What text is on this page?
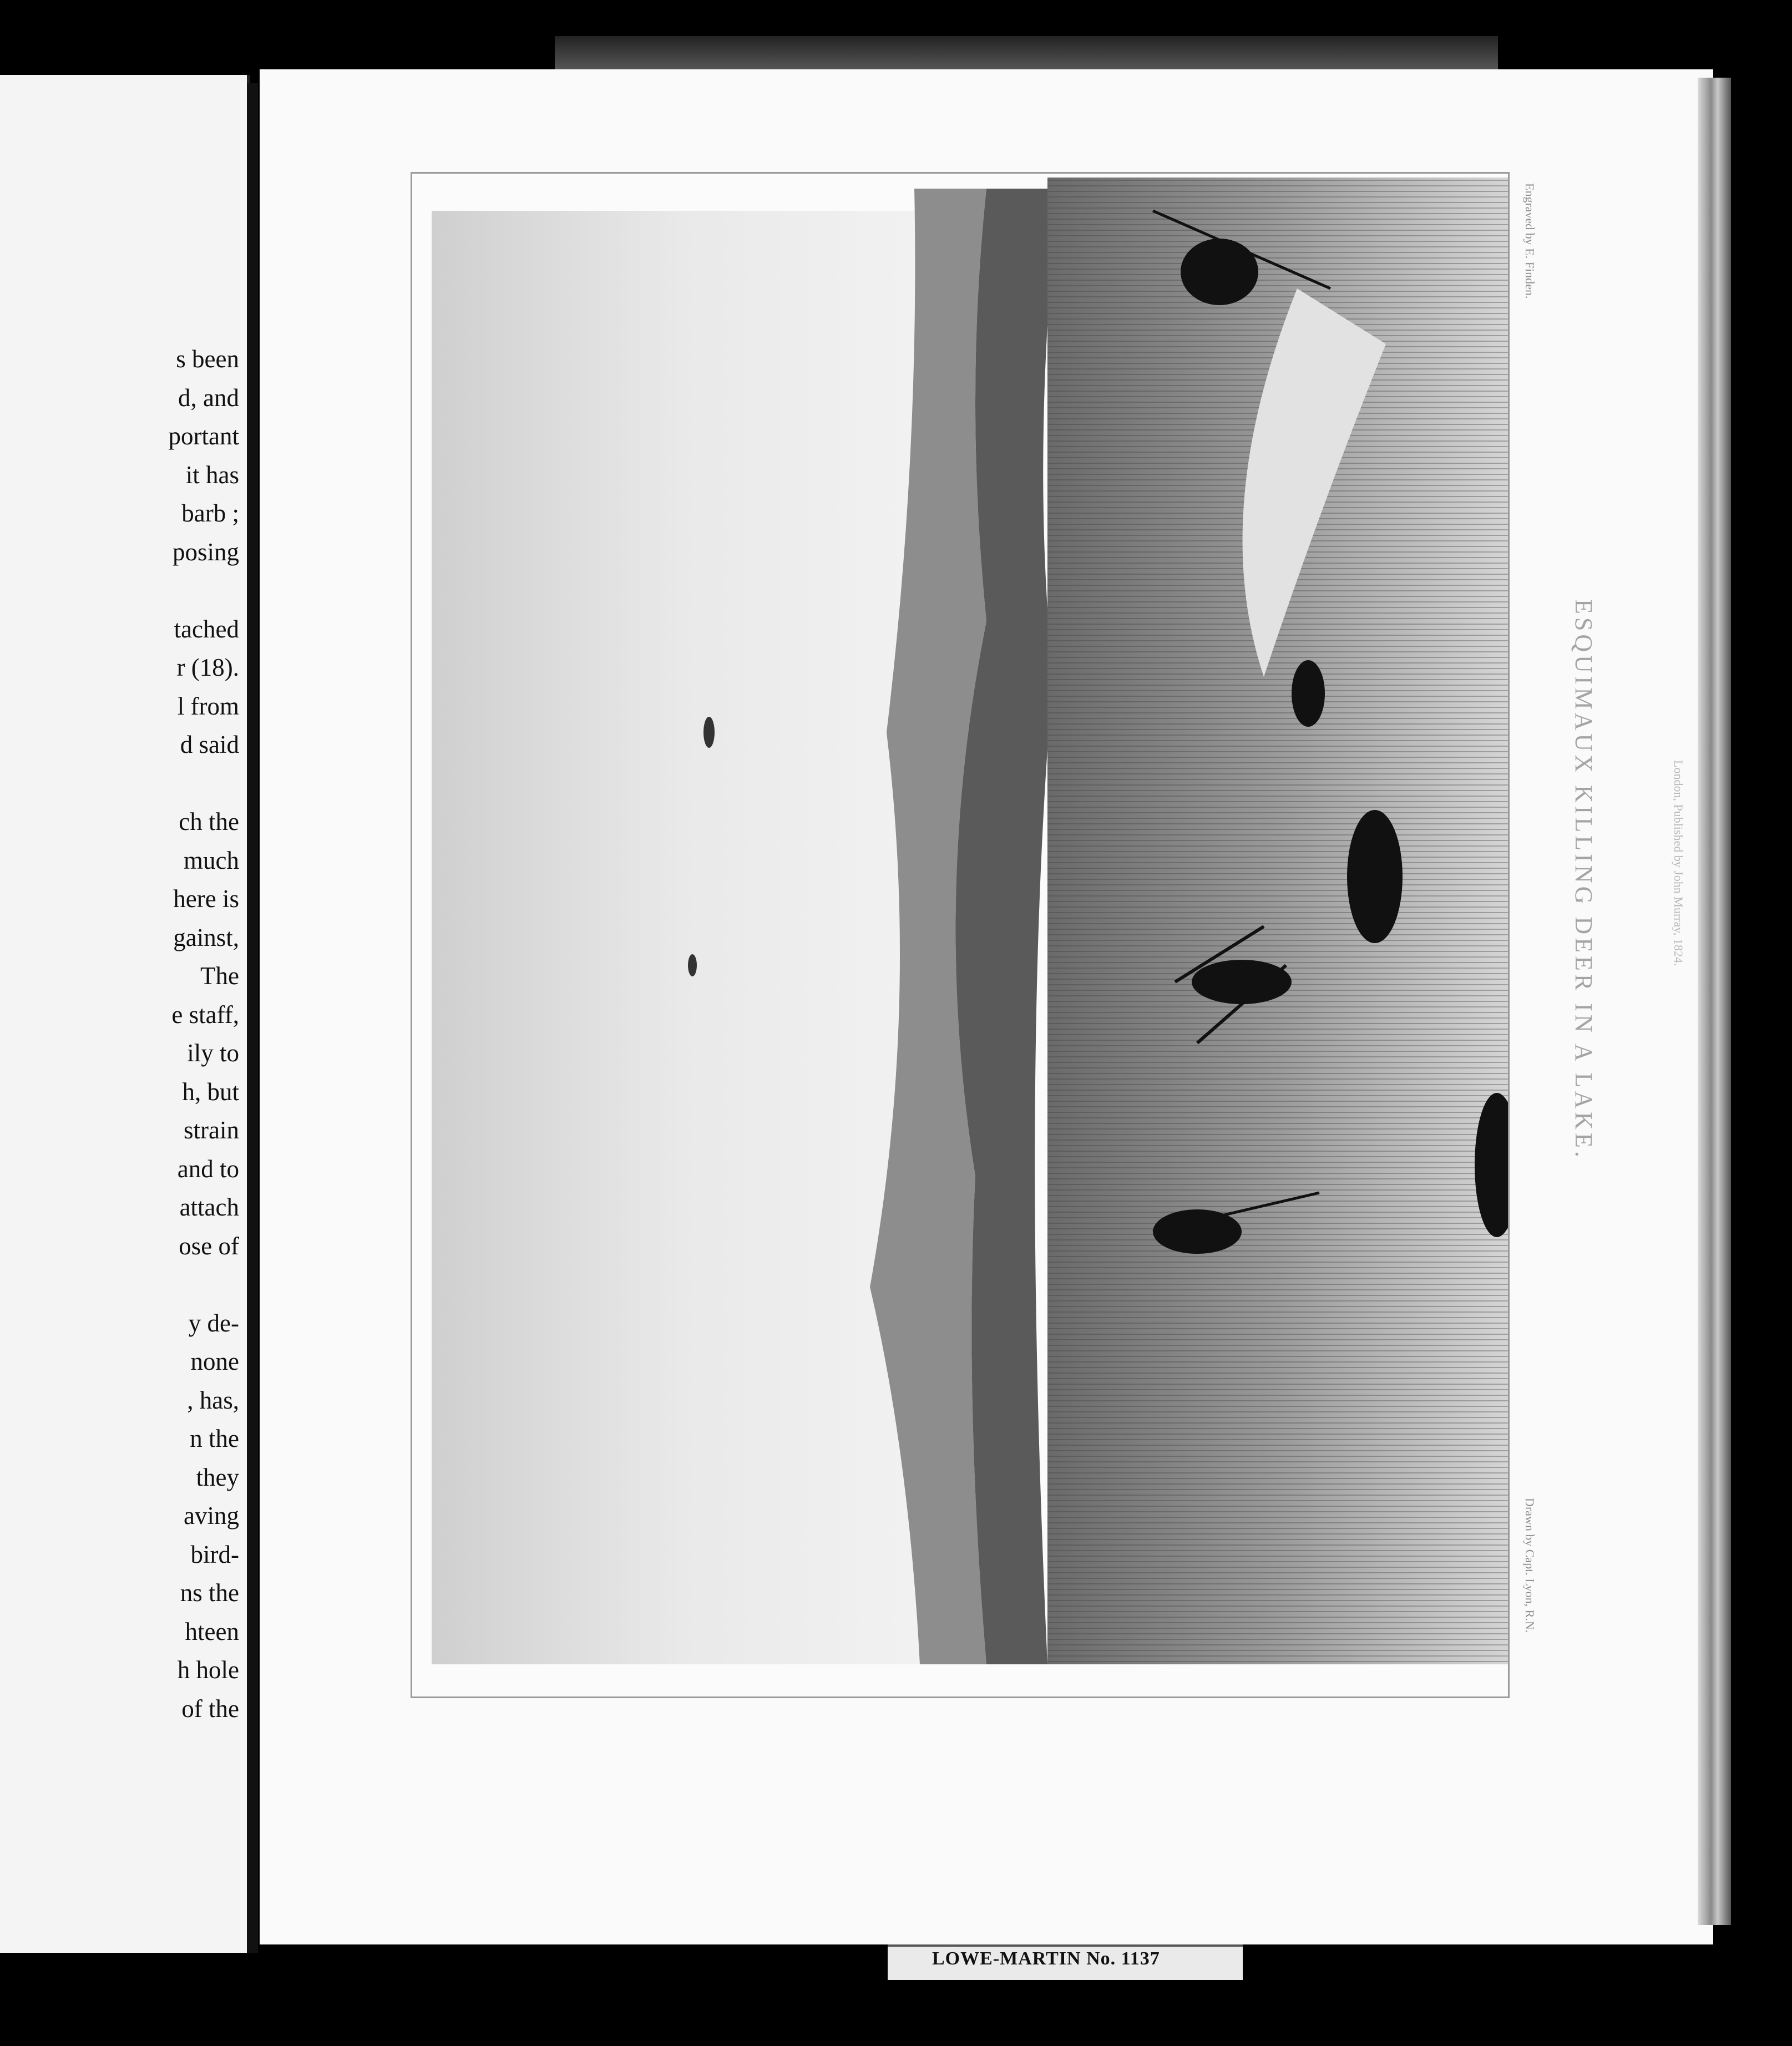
s been
d, and
portant
it has
barb ;
posing

tached
r (18).
l from
d said

ch the
much
here is
gainst,
The
e staff,
ily to
h, but
strain
and to
attach
ose of

y de-
none
, has,
n the
they
aving
bird-
ns the
hteen
h hole
of the
Drawn by Capt. Lyon, R.N.
Engraved by E. Finden.
ESQUIMAUX KILLING DEER IN A LAKE.	London, Published by John Murray, 1824.
LOWE-MARTIN No. 1137
